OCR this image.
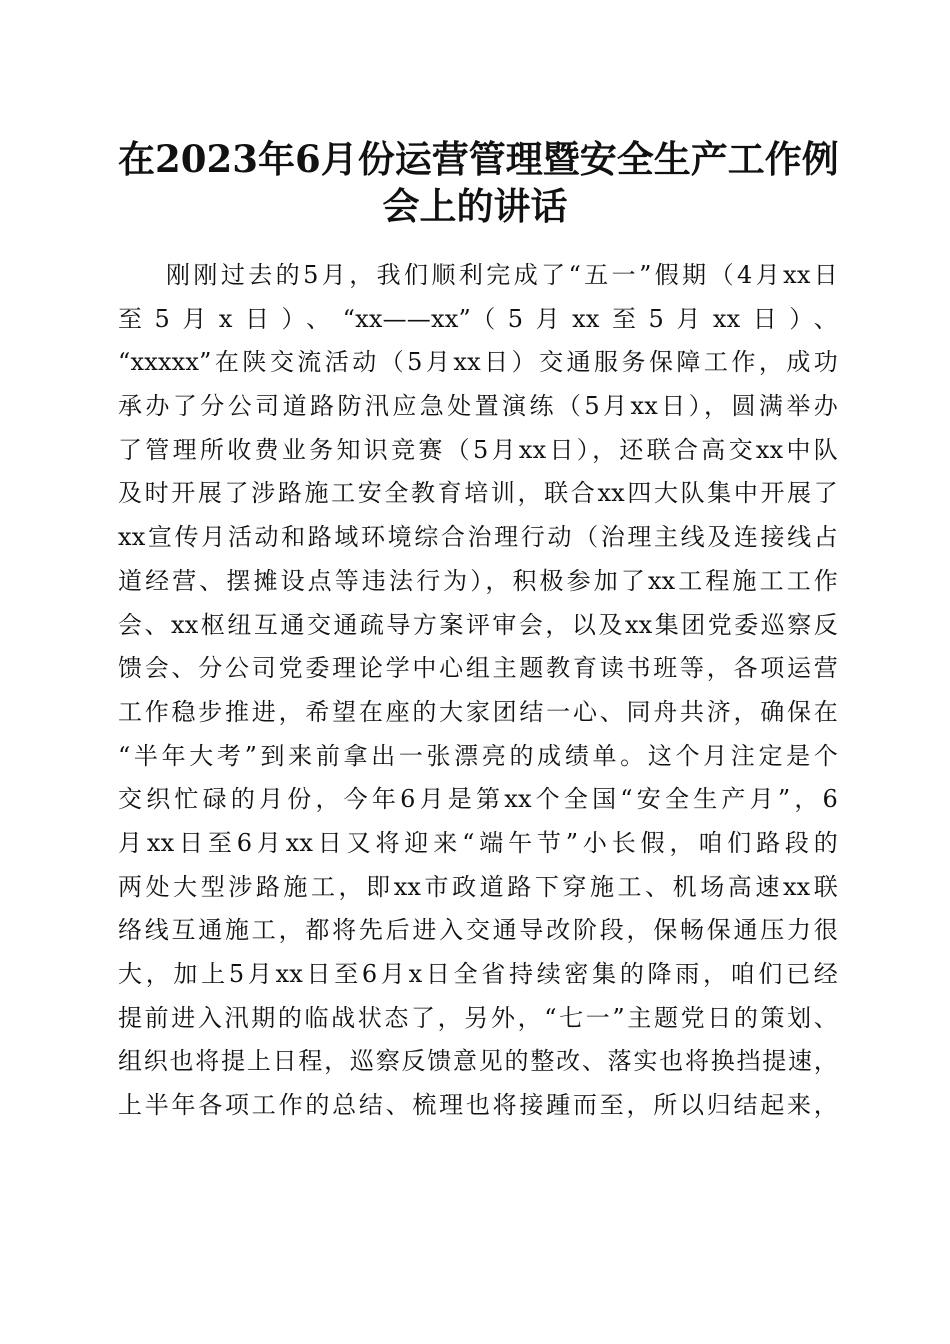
在2023年6月份运营管理暨安全生产工作例
会上的讲话
刚刚过去的5月，我们顺利完成了“五一”假期（4月xx日
至5月x日）、“xx——xx”（5月xx至5月xx日）、
“xxxxx”在陕交流活动（5月xx日）交通服务保障工作，成功
承办了分公司道路防汛应急处置演练（5月xx日），圆满举办
了管理所收费业务知识竞赛（5月xx日），还联合高交xx中队
及时开展了涉路施工安全教育培训，联合xx四大队集中开展了
xx宣传月活动和路域环境综合治理行动（治理主线及连接线占
道经营、摆摊设点等违法行为），积极参加了xx工程施工工作
会、xx枢纽互通交通疏导方案评审会，以及xx集团党委巡察反
馈会、分公司党委理论学中心组主题教育读书班等，各项运营
工作稳步推进，希望在座的大家团结一心、同舟共济，确保在
“半年大考”到来前拿出一张漂亮的成绩单。这个月注定是个
交织忙碌的月份，今年6月是第xx个全国“安全生产月”，6
月xx日至6月xx日又将迎来“端午节”小长假，咱们路段的
两处大型涉路施工，即xx市政道路下穿施工、机场高速xx联
络线互通施工，都将先后进入交通导改阶段，保畅保通压力很
大，加上5月xx日至6月x日全省持续密集的降雨，咱们已经
提前进入汛期的临战状态了，另外，“七一”主题党日的策划、
组织也将提上日程，巡察反馈意见的整改、落实也将换挡提速，
上半年各项工作的总结、梳理也将接踵而至，所以归结起来，
